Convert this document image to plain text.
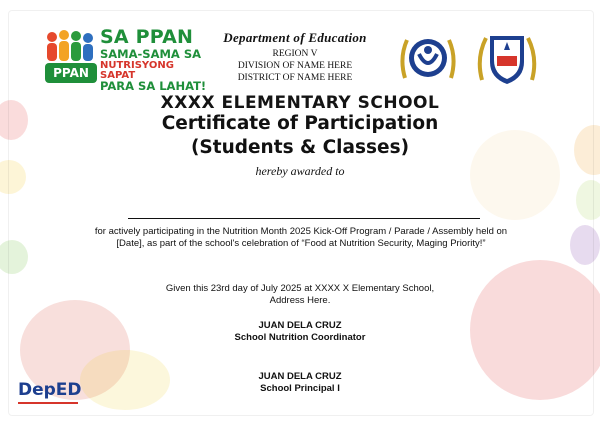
PPAN
SA PPAN
SAMA-SAMA SA
NUTRISYONG SAPAT
PARA SA LAHAT!
Department of Education
REGION V
DIVISION OF NAME HERE
DISTRICT OF NAME HERE
XXXX ELEMENTARY SCHOOL
Certificate of Participation
(Students & Classes)
hereby awarded to
for actively participating in the Nutrition Month 2025 Kick-Off Program / Parade / Assembly held on [Date], as part of the school's celebration of “Food at Nutrition Security, Maging Priority!”
Given this 23rd day of July 2025 at XXXX X Elementary School,
Address Here.
JUAN DELA CRUZ
School Nutrition Coordinator
JUAN DELA CRUZ
School Principal I
DepED
